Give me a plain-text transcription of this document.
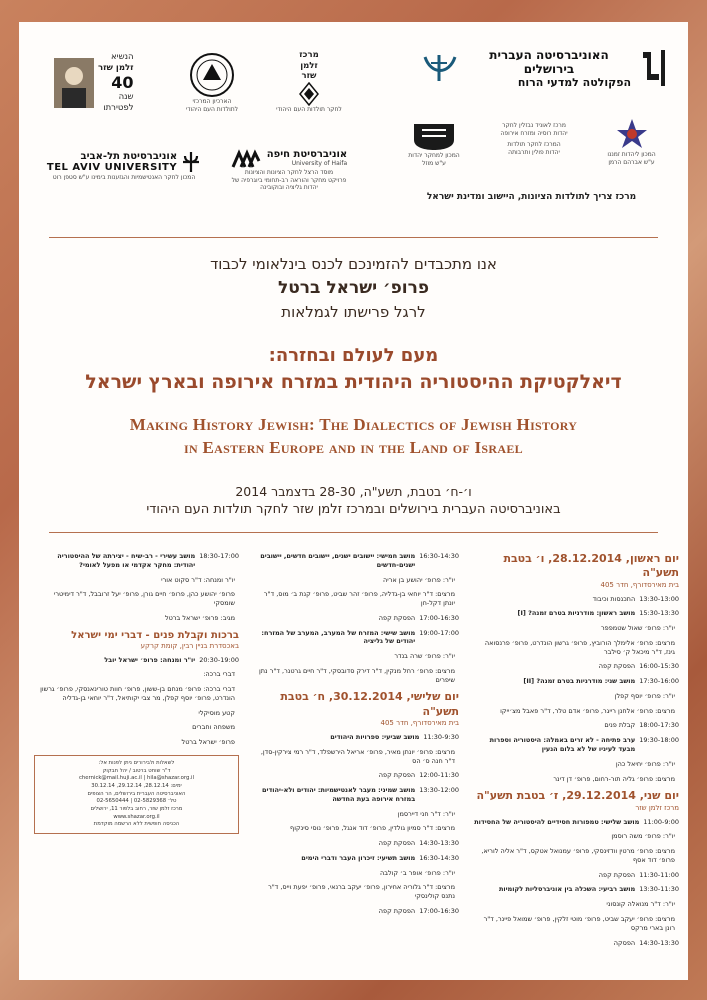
האוניברסיטה העברית בירושלים
הפקולטה למדעי הרוח
מרכז
זלמן
שזר
לחקר תולדות העם היהודי
הארכיון המרכזי לתולדות העם היהודי
הנשיא
זלמן שזר
40
שנה
לפטירתו
המכון ליהדות זמננו
ע"ש אברהם הרמן
מרכז לאוניד נבזלין לחקר
יהדות רוסיה ומזרח אירופה
המרכז לחקר תולדות
יהדות פולין ותרבותה
המכון למחקר יהדות
ע"ש מוזל
מרכז צריך לתולדות הציונות, היישוב ומדינת ישראל
אוניברסיטת חיפה
University of Haifa
מוסד הרצל לחקר הציונות והציונות
פרויקט מחקר והוראה רב-תחומי ביוגרפיה של יהדות גליציה ובוקובינה
אוניברסיטת תל-אביב
TEL AVIV UNIVERSITY
המכון לחקר האנטישמיות והגזענות בימינו ע"ש סטפן רוט
אנו מתכבדים להזמינכם לכנס בינלאומי לכבוד
פרופ׳ ישראל ברטל
לרגל פרישתו לגמלאות
מעם לעולם ובחזרה:
דיאלקטיקת ההיסטוריה היהודית במזרח אירופה ובארץ ישראל
Making History Jewish: The Dialectics of Jewish History
in Eastern Europe and in the Land of Israel
ו׳-ח׳ בטבת, תשע"ה, 28-30 בדצמבר 2014
באוניברסיטה העברית בירושלים ובמרכז זלמן שזר לחקר תולדות העם היהודי
יום ראשון, 28.12.2014, ו׳ בטבת תשע"ה
בית מאירסדורף, חדר 405
13:30-13:00
התכנסות וכיבוד
15:30-13:30
מושב ראשון: מודרניות בטרם זמנה? [I]
יו"ר: פרופ׳ שאול שטמפפר
מרצים: פרופ׳ אלימלך הורוביץ, פרופ׳ גרשון הונדרט, פרופ׳ פרנסואה גינז, ד"ר מיכאל ק׳ סילבר
16:00-15:30
הפסקת קפה
17:30-16:00
מושב שני: מודרניות בטרם זמנה? [II]
יו"ר: פרופ׳ יוסף קפלן
מרצים: פרופ׳ אלחנן רייגר, פרופ׳ אדם טלר, ד"ר פאבל מצ׳ייקו
18:00-17:30
קבלת פנים
19:30-18:00
ערב פתיחה - לא זרים באמלה: היסטוריה וספרות מבעד לעיניו של לא בלום הנעין
יו"ר: פרופ׳ יחיאל כהן
מרצים: פרופ׳ גליה תור-רחום, פרופ׳ דן דינר
יום שני, 29.12.2014, ז׳ בטבת תשע"ה
מרכז זלמן שזר
11:00-9:00
מושב שלישי: טמפורות חסידיים להיסטוריה של החסידות
יו"ר: פרופ׳ משה רוסמן
מרצים: פרופ׳ מרטין וודזינסקי, פרופ׳ עמנואל אטקס, ד"ר אליה לוריא, פרופ׳ דוד אסף
11:30-11:00
הפסקת קפה
13:30-11:30
מושב רביעי: השכלה בין אוניברסליות לקומיות
יו"ר: ד"ר מנואלה קונסוני
מרצים: פרופ׳ יעקב שביט, פרופ׳ מוטי זלקין, פרופ׳ שמואל פיינר, ד"ר רונן בארי מרקס
14:30-13:30
הפסקה
16:30-14:30
מושב חמישי: יישובים ישנים, יישובים חדשים, יישובים ישנים-חדשים
יו"ר: פרופ׳ יהושע בן אריה
מרצים: ד"ר יוחאי בן-גדליה, פרופ׳ זהר שביט, פרופ׳ קנת ב׳ מוס, ד"ר יונתן דקל-חן
17:00-16:30
הפסקת קפה
19:00-17:00
מושב שישי: המזרח של המערב, המערב של המזרח: יהודים של גליציה
יו"ר: פרופ׳ שרה בנדר
מרצים: פרופ׳ רחל מנקין, ד"ר דירק סדובסקי, ד"ר חיים גרטנר, ד"ר נתן שיפרים
יום שלישי, 30.12.2014, ח׳ בטבת תשע"ה
בית מאירסדורף, חדר 405
11:30-9:30
מושב שביעי: ספרויות היהודים
מרצים: פרופ׳ יונתן מאיר, פרופ׳ אריאל הירשפלד, ד"ר רמי צירקין-סדן, ד"ר חנה ס׳ הס
12:00-11:30
הפסקת קפה
13:30-12:00
מושב שמיני: מעבר לאנטישמיות: יהודים ולא-יהודים במזרח אירופה בעת החדשה
יו"ר: ד"ר חני דיירסמן
מרצים: ד"ר סמיון גולדין, פרופ׳ דוד אנגל, פרופ׳ נוסי סינקוף
14:30-13:30
הפסקת קפה
16:30-14:30
מושב תשיעי: זיכרון העבר ודברי הימים
יו"ר: פרופ׳ אופר ב׳ קולבה
מרצים: ד"ר גלוריה אחירון, פרופ׳ יעקב ברנאי, פרופ׳ יפעת וייס, ד"ר נתנס קולינסקי
17:00-16:30
הפסקת קפה
18:30-17:00
מושב עשירי - רב-שיח - יצירתה של ההיסטוריה יהודית: מחקר אקדמי או מפעל לאומי?
יו"ר ומנחה: ד"ר סקוט אורי
פרופ׳ יהושע כהן, פרופ׳ חיים גורן, פרופ׳ יעל זרובבל, ד"ר דימיטרי שומסקי
מגיב: פרופ׳ ישראל ברטל
ברכות וקבלת פנים - דברי ימי ישראל
באכסדרת בניין רבין, קומת קרקע
20:30-19:00
יו"ר ומנחה: פרופ׳ ישראל יובל
דברי ברכה:
דברי ברכה: פרופ׳ מנחם בן-ששון, פרופ׳ חוות טורינאנסקי, פרופ׳ גרשון הונדרט, פרופ׳ יוסף קפלן, מר צבי יקותיאל, ד"ר יוחאי בן-גדליה
קטע מוסיקלי
משפחה וחברים
פרופ׳ ישראל ברטל
לשאלות ולבירורים ניתן לפנות אל:
ד"ר שוחט ברטוב / יהל חבקוק
chernick@mail.huji.ac.il | hila@shazar.org.il
ימים: 28.12.14, 29.12.14, 30.12.14
האוניברסיטה העברית בירושלים, הר הצופים
טל׳ 02-5829368 | 02-5650444
מרכז זלמן שזר, רחוב בלפור 11, ירושלים
www.shazar.org.il
הכניסה חופשית ללא הרשמה מוקדמת
